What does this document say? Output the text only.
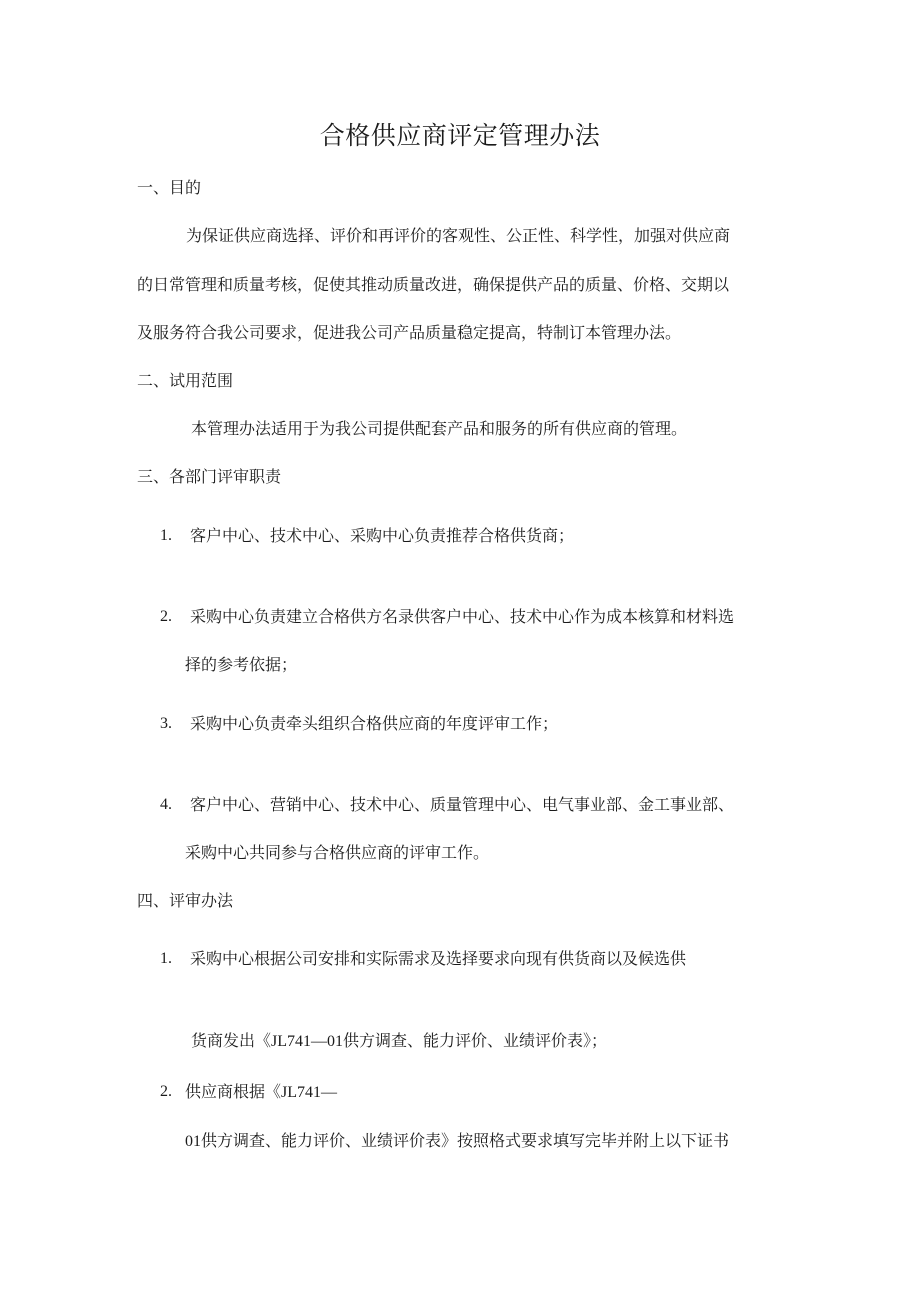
合格供应商评定管理办法

一、目的

为保证供应商选择、评价和再评价的客观性、公正性、科学性，加强对供应商

的日常管理和质量考核，促使其推动质量改进，确保提供产品的质量、价格、交期以

及服务符合我公司要求，促进我公司产品质量稳定提高，特制订本管理办法。

二、试用范围

本管理办法适用于为我公司提供配套产品和服务的所有供应商的管理。

三、各部门评审职责

1. 客户中心、技术中心、采购中心负责推荐合格供货商；

2. 采购中心负责建立合格供方名录供客户中心、技术中心作为成本核算和材料选

择的参考依据；

3. 采购中心负责牵头组织合格供应商的年度评审工作；

4. 客户中心、营销中心、技术中心、质量管理中心、电气事业部、金工事业部、

采购中心共同参与合格供应商的评审工作。

四、评审办法

1. 采购中心根据公司安排和实际需求及选择要求向现有供货商以及候选供

货商发出《JL741—01供方调查、能力评价、业绩评价表》；

2. 供应商根据《JL741—

01供方调查、能力评价、业绩评价表》按照格式要求填写完毕并附上以下证书
